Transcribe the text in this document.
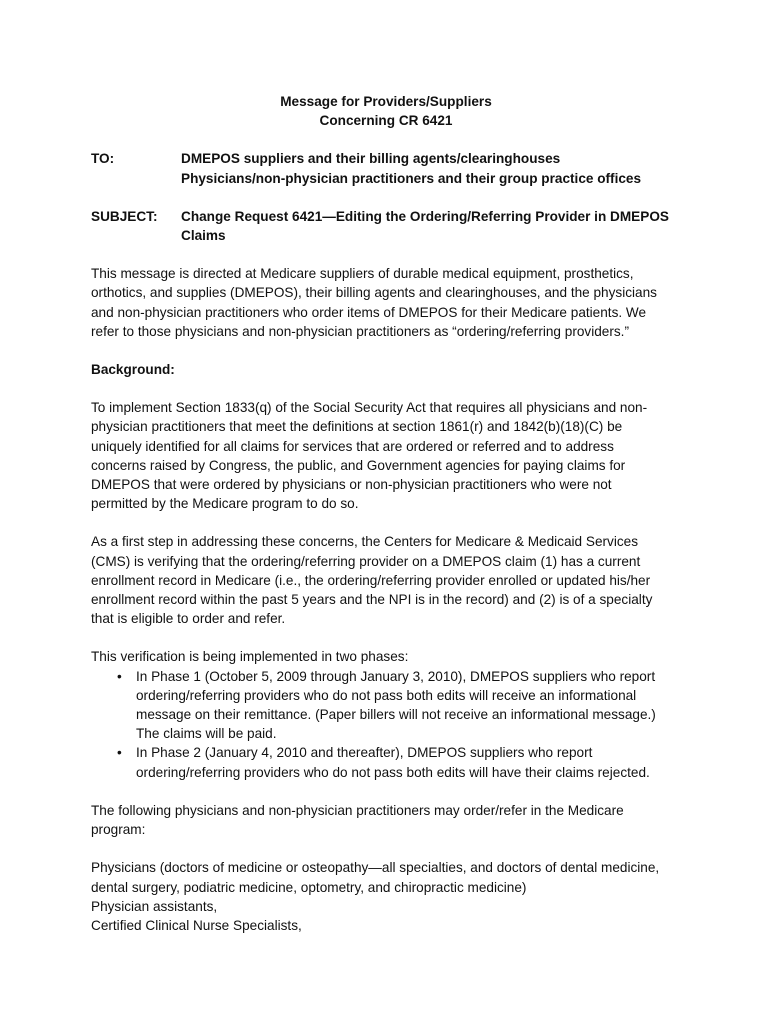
Message for Providers/Suppliers
Concerning CR 6421
TO:	DMEPOS suppliers and their billing agents/clearinghouses
Physicians/non-physician practitioners and their group practice offices
SUBJECT:	Change Request 6421—Editing the Ordering/Referring Provider in DMEPOS
Claims

This message is directed at Medicare suppliers of durable medical equipment, prosthetics,
orthotics, and supplies (DMEPOS), their billing agents and clearinghouses, and the physicians
and non-physician practitioners who order items of DMEPOS for their Medicare patients. We
refer to those physicians and non-physician practitioners as “ordering/referring providers.”

Background:

To implement Section 1833(q) of the Social Security Act that requires all physicians and non-
physician practitioners that meet the definitions at section 1861(r) and 1842(b)(18)(C) be
uniquely identified for all claims for services that are ordered or referred and to address
concerns raised by Congress, the public, and Government agencies for paying claims for
DMEPOS that were ordered by physicians or non-physician practitioners who were not
permitted by the Medicare program to do so.

As a first step in addressing these concerns, the Centers for Medicare & Medicaid Services
(CMS) is verifying that the ordering/referring provider on a DMEPOS claim (1) has a current
enrollment record in Medicare (i.e., the ordering/referring provider enrolled or updated his/her
enrollment record within the past 5 years and the NPI is in the record) and (2) is of a specialty
that is eligible to order and refer.

This verification is being implemented in two phases:

• In Phase 1 (October 5, 2009 through January 3, 2010), DMEPOS suppliers who report
ordering/referring providers who do not pass both edits will receive an informational
message on their remittance. (Paper billers will not receive an informational message.)
The claims will be paid.
• In Phase 2 (January 4, 2010 and thereafter), DMEPOS suppliers who report
ordering/referring providers who do not pass both edits will have their claims rejected.

The following physicians and non-physician practitioners may order/refer in the Medicare
program:

Physicians (doctors of medicine or osteopathy—all specialties, and doctors of dental medicine,
dental surgery, podiatric medicine, optometry, and chiropractic medicine)
Physician assistants,
Certified Clinical Nurse Specialists,
